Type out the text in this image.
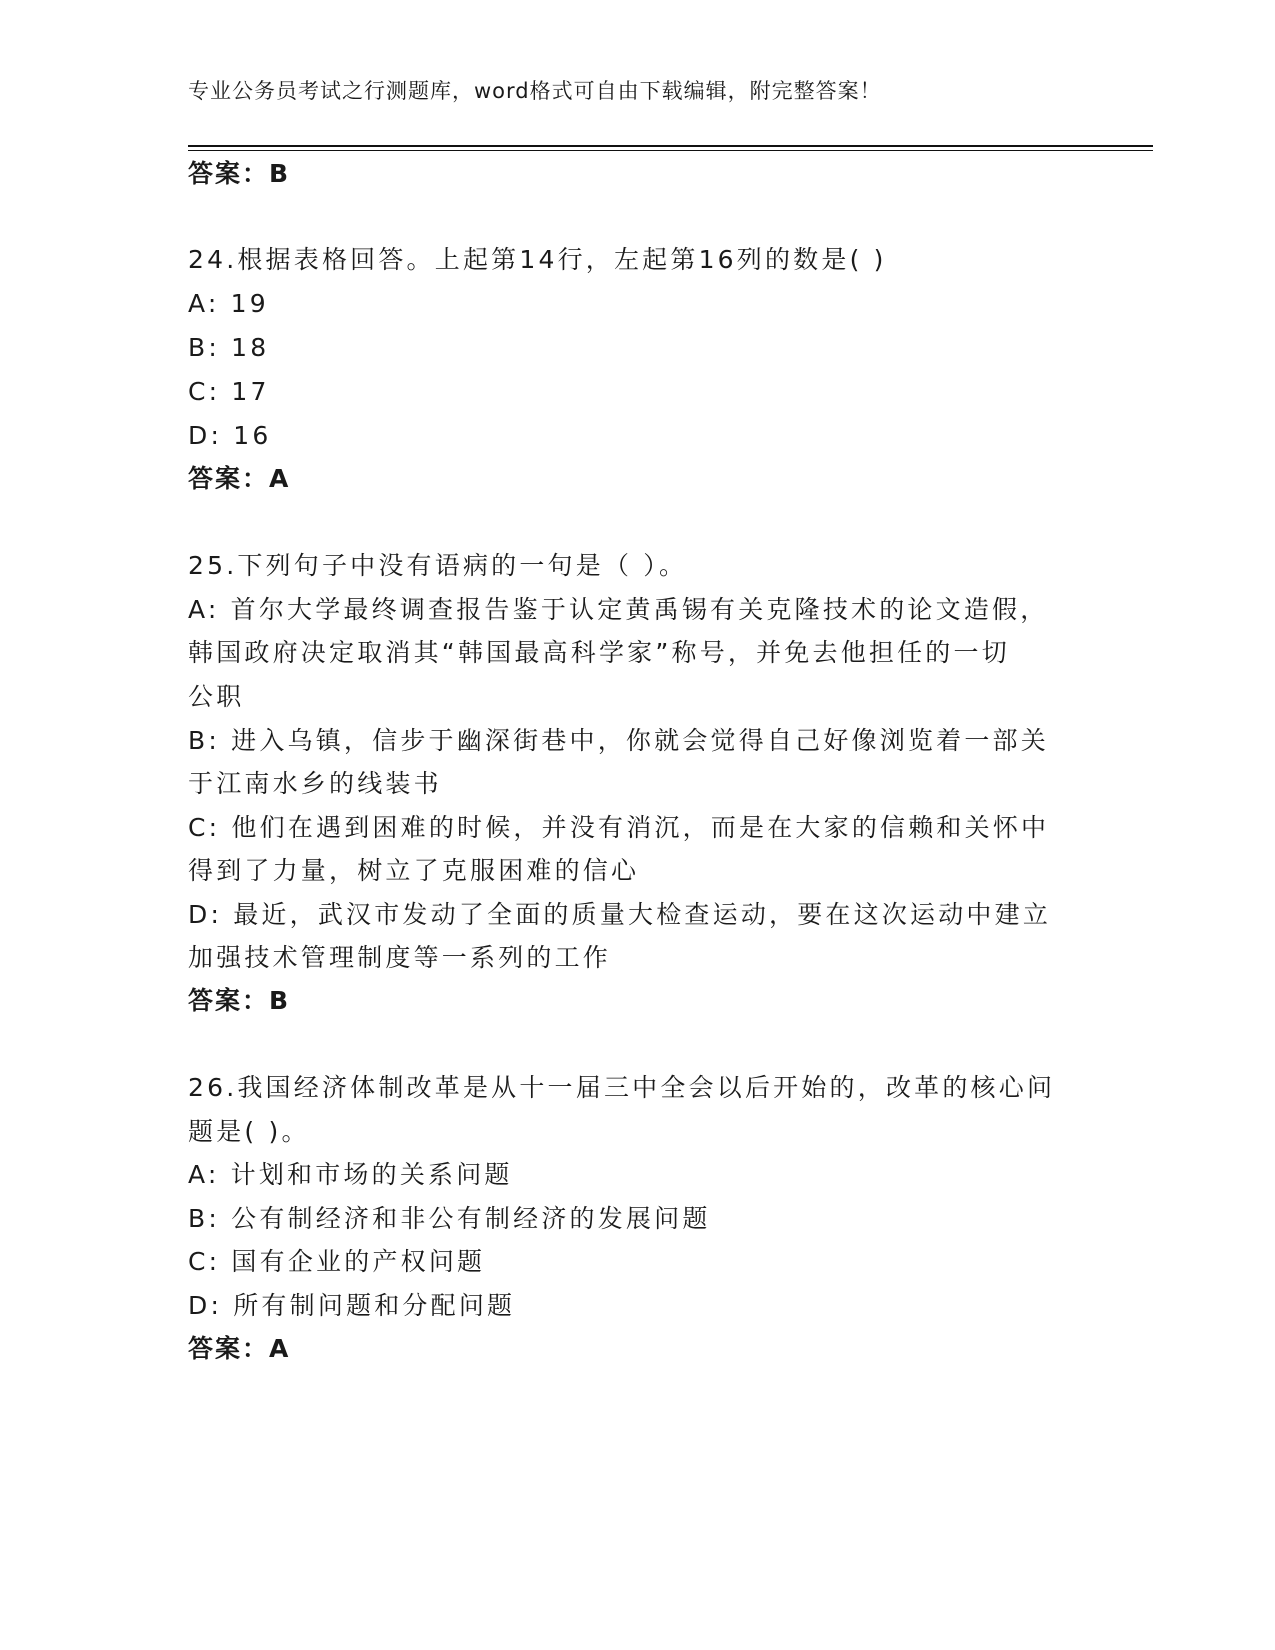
专业公务员考试之行测题库，word格式可自由下载编辑，附完整答案！
答案：B
24.根据表格回答。上起第14行，左起第16列的数是( )
A: 19
B: 18
C: 17
D: 16
答案：A
25.下列句子中没有语病的一句是（ ）。
A: 首尔大学最终调查报告鉴于认定黄禹锡有关克隆技术的论文造假，
韩国政府决定取消其“韩国最高科学家”称号，并免去他担任的一切
公职
B: 进入乌镇，信步于幽深街巷中，你就会觉得自己好像浏览着一部关
于江南水乡的线装书
C: 他们在遇到困难的时候，并没有消沉，而是在大家的信赖和关怀中
得到了力量，树立了克服困难的信心
D: 最近，武汉市发动了全面的质量大检查运动，要在这次运动中建立
加强技术管理制度等一系列的工作
答案：B
26.我国经济体制改革是从十一届三中全会以后开始的，改革的核心问
题是( )。
A: 计划和市场的关系问题
B: 公有制经济和非公有制经济的发展问题
C: 国有企业的产权问题
D: 所有制问题和分配问题
答案：A
